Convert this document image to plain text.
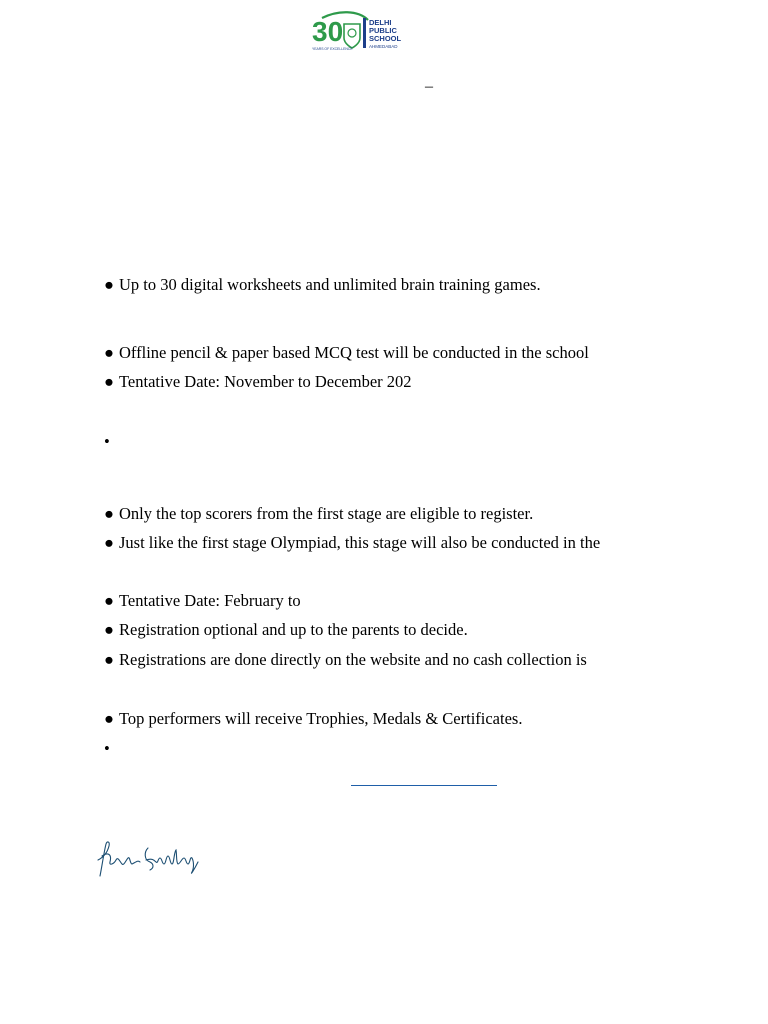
30	DELHI
PUBLIC
SCHOOL
AHMEDABAD
YEARS OF EXCELLENCE
–
● Up to 30 digital worksheets and unlimited brain training games.
● Offline pencil & paper based MCQ test will be conducted in the school
● Tentative Date: November to December 202
•
● Only the top scorers from the first stage are eligible to register.
● Just like the first stage Olympiad, this stage will also be conducted in the
● Tentative Date: February to
● Registration optional and up to the parents to decide.
● Registrations are done directly on the website and no cash collection is
● Top performers will receive Trophies, Medals & Certificates.
•
